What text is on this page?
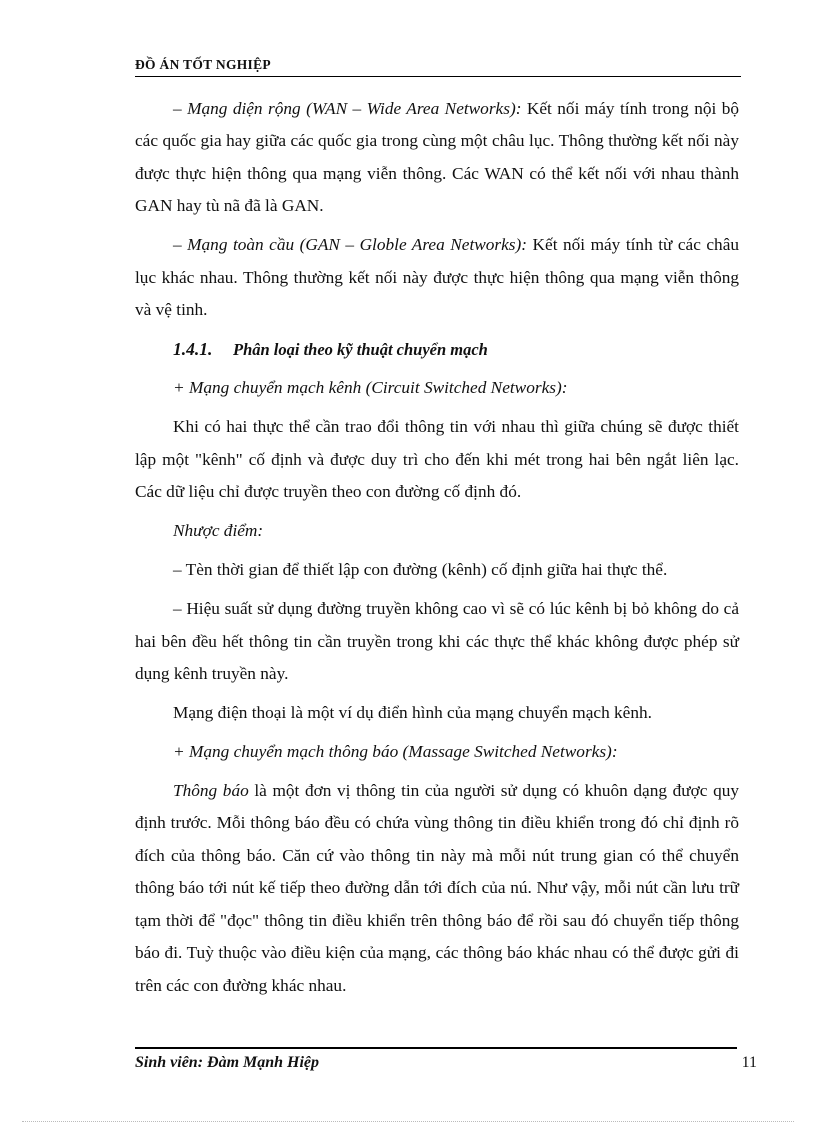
ĐỒ ÁN TỐT NGHIỆP

– Mạng diện rộng (WAN – Wide Area Networks): Kết nối máy tính trong nội bộ các quốc gia hay giữa các quốc gia trong cùng một châu lục. Thông thường kết nối này được thực hiện thông qua mạng viễn thông. Các WAN có thể kết nối với nhau thành GAN hay tù nã đã là GAN.

– Mạng toàn cầu (GAN – Globle Area Networks): Kết nối máy tính từ các châu lục khác nhau. Thông thường kết nối này được thực hiện thông qua mạng viễn thông và vệ tinh.

1.4.1. Phân loại theo kỹ thuật chuyển mạch

+ Mạng chuyển mạch kênh (Circuit Switched Networks):

Khi có hai thực thể cần trao đổi thông tin với nhau thì giữa chúng sẽ được thiết lập một "kênh" cố định và được duy trì cho đến khi mét trong hai bên ngắt liên lạc. Các dữ liệu chỉ được truyền theo con đường cố định đó.

Nhược điểm:

– Tèn thời gian để thiết lập con đường (kênh) cố định giữa hai thực thể.

– Hiệu suất sử dụng đường truyền không cao vì sẽ có lúc kênh bị bỏ không do cả hai bên đều hết thông tin cần truyền trong khi các thực thể khác không được phép sử dụng kênh truyền này.

Mạng điện thoại là một ví dụ điển hình của mạng chuyển mạch kênh.

+ Mạng chuyển mạch thông báo (Massage Switched Networks):

Thông báo là một đơn vị thông tin của người sử dụng có khuôn dạng được quy định trước. Mỗi thông báo đều có chứa vùng thông tin điều khiển trong đó chỉ định rõ đích của thông báo. Căn cứ vào thông tin này mà mỗi nút trung gian có thể chuyển thông báo tới nút kế tiếp theo đường dẫn tới đích của nú. Như vậy, mỗi nút cần lưu trữ tạm thời để "đọc" thông tin điều khiển trên thông báo để rồi sau đó chuyển tiếp thông báo đi. Tuỳ thuộc vào điều kiện của mạng, các thông báo khác nhau có thể được gửi đi trên các con đường khác nhau.

Sinh viên: Đàm Mạnh Hiệp	11
